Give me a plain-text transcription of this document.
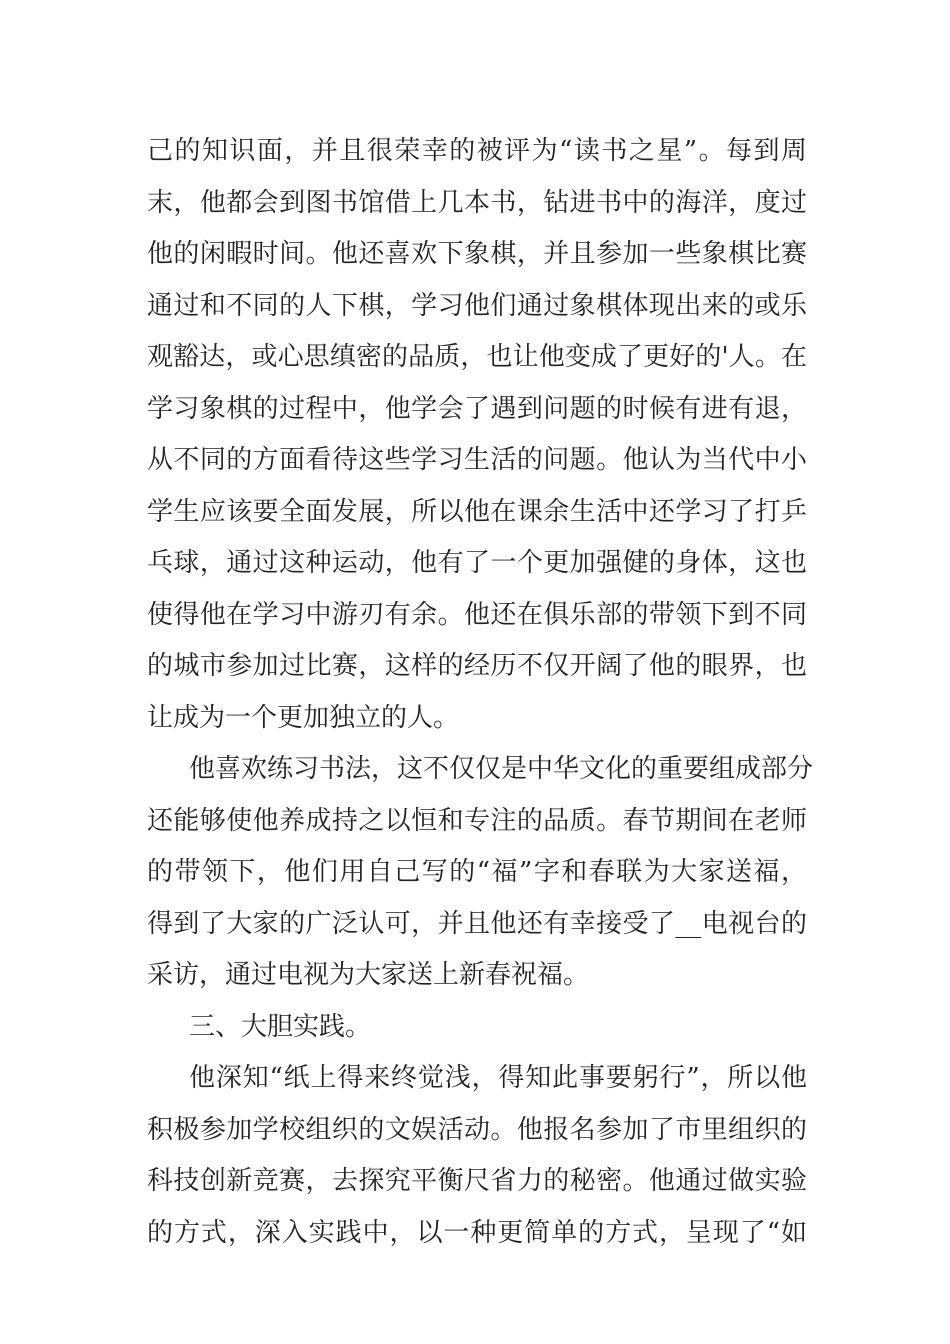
己的知识面，并且很荣幸的被评为“读书之星”。每到周
末，他都会到图书馆借上几本书，钻进书中的海洋，度过
他的闲暇时间。他还喜欢下象棋，并且参加一些象棋比赛
通过和不同的人下棋，学习他们通过象棋体现出来的或乐
观豁达，或心思缜密的品质，也让他变成了更好的'人。在
学习象棋的过程中，他学会了遇到问题的时候有进有退，
从不同的方面看待这些学习生活的问题。他认为当代中小
学生应该要全面发展，所以他在课余生活中还学习了打乒
乓球，通过这种运动，他有了一个更加强健的身体，这也
使得他在学习中游刃有余。他还在俱乐部的带领下到不同
的城市参加过比赛，这样的经历不仅开阔了他的眼界，也
让成为一个更加独立的人。
他喜欢练习书法，这不仅仅是中华文化的重要组成部分
还能够使他养成持之以恒和专注的品质。春节期间在老师
的带领下，他们用自己写的“福”字和春联为大家送福，
得到了大家的广泛认可，并且他还有幸接受了__电视台的
采访，通过电视为大家送上新春祝福。
三、大胆实践。
他深知“纸上得来终觉浅，得知此事要躬行”，所以他
积极参加学校组织的文娱活动。他报名参加了市里组织的
科技创新竞赛，去探究平衡尺省力的秘密。他通过做实验
的方式，深入实践中，以一种更简单的方式，呈现了“如
